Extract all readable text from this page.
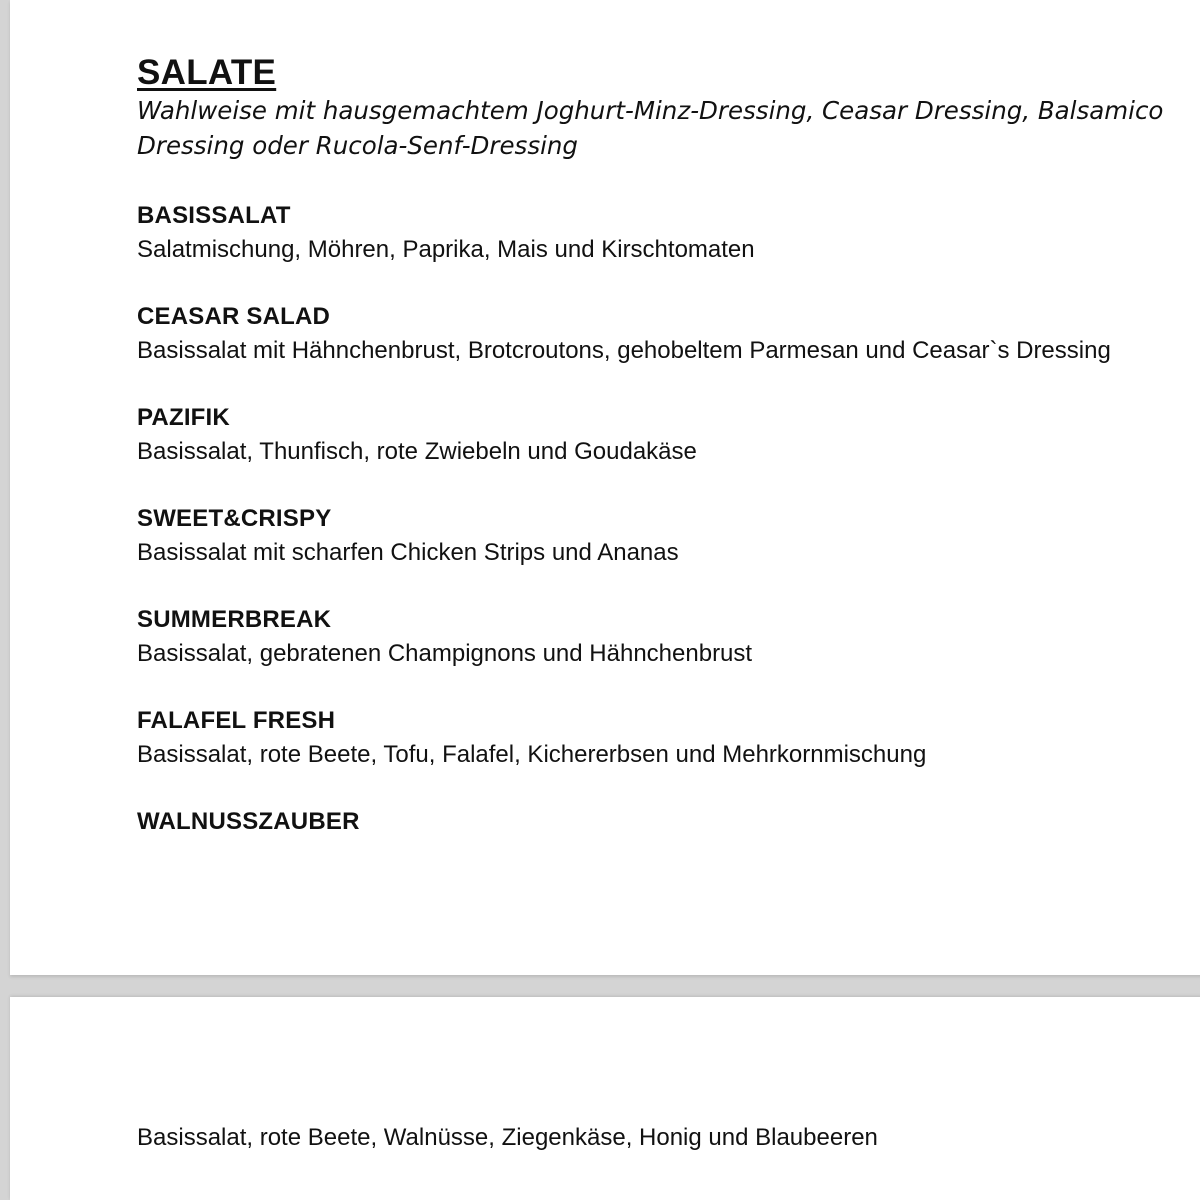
SALATE
Wahlweise mit hausgemachtem Joghurt-Minz-Dressing, Ceasar Dressing, Balsamico
Dressing oder Rucola-Senf-Dressing
BASISSALAT
Salatmischung, Möhren, Paprika, Mais und Kirschtomaten
CEASAR SALAD
Basissalat mit Hähnchenbrust, Brotcroutons, gehobeltem Parmesan und Ceasar`s Dressing
PAZIFIK
Basissalat, Thunfisch, rote Zwiebeln und Goudakäse
SWEET&CRISPY
Basissalat mit scharfen Chicken Strips und Ananas
SUMMERBREAK
Basissalat, gebratenen Champignons und Hähnchenbrust
FALAFEL FRESH
Basissalat, rote Beete, Tofu, Falafel, Kichererbsen und Mehrkornmischung
WALNUSSZAUBER
Basissalat, rote Beete, Walnüsse, Ziegenkäse, Honig und Blaubeeren
